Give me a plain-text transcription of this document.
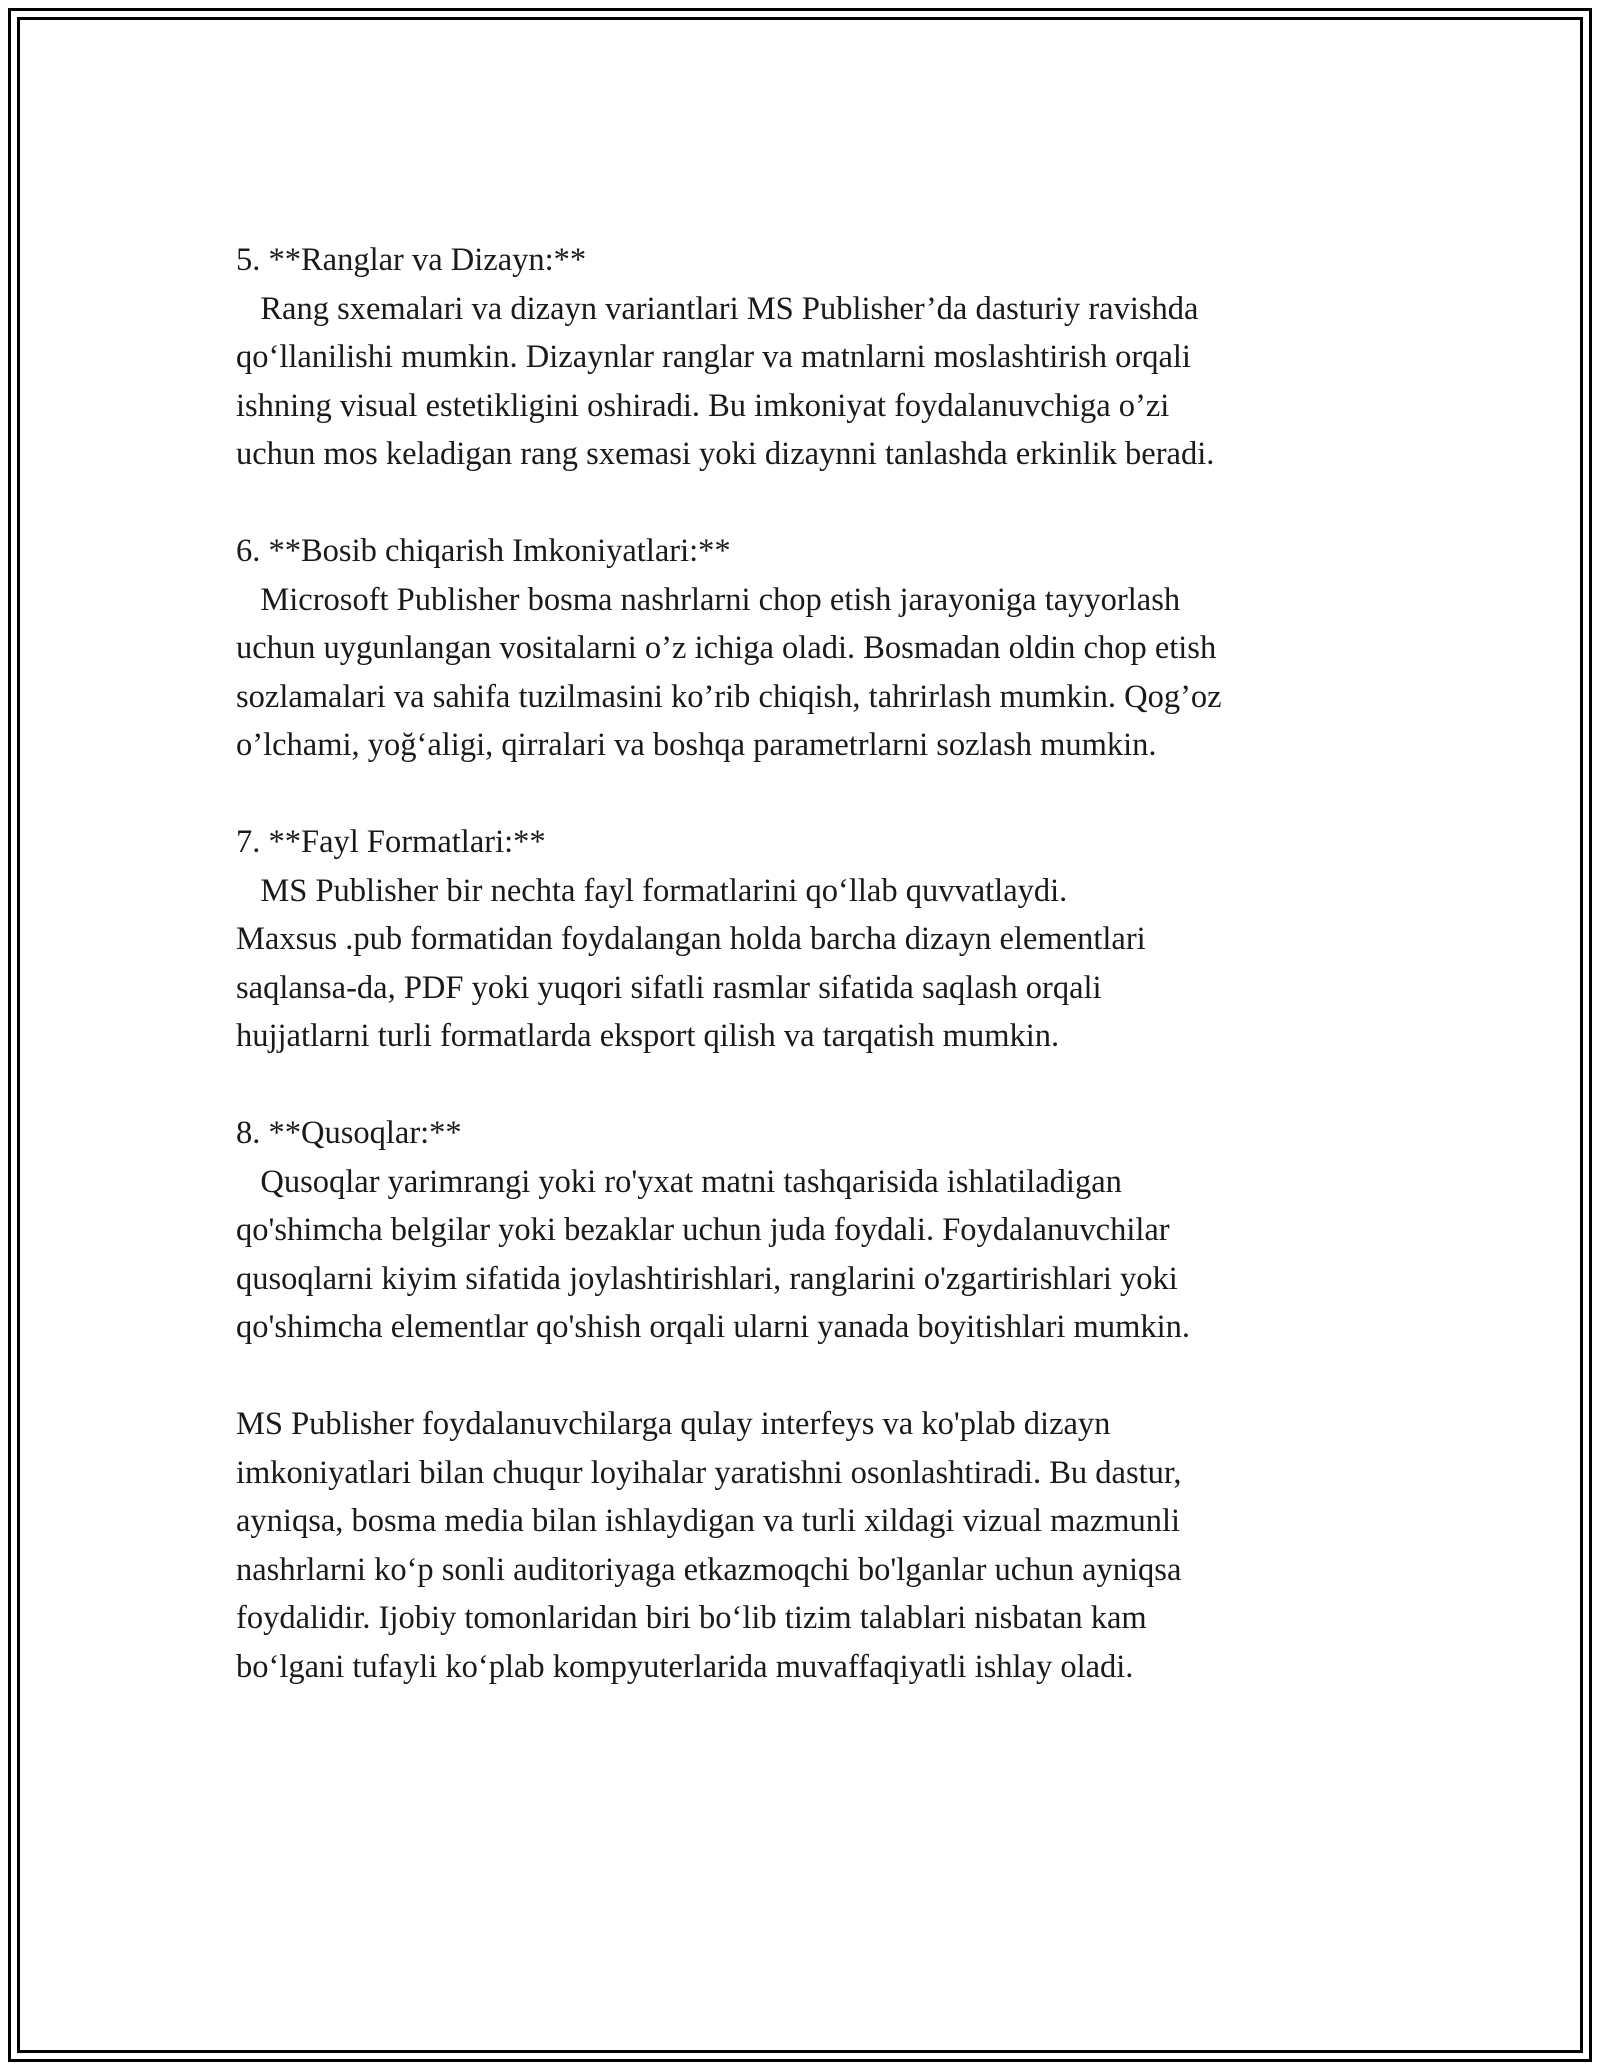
5. **Ranglar va Dizayn:**
Rang sxemalari va dizayn variantlari MS Publisher’da dasturiy ravishda
qo‘llanilishi mumkin. Dizaynlar ranglar va matnlarni moslashtirish orqali
ishning visual estetikligini oshiradi. Bu imkoniyat foydalanuvchiga o’zi
uchun mos keladigan rang sxemasi yoki dizaynni tanlashda erkinlik beradi.
6. **Bosib chiqarish Imkoniyatlari:**
Microsoft Publisher bosma nashrlarni chop etish jarayoniga tayyorlash
uchun uygunlangan vositalarni o’z ichiga oladi. Bosmadan oldin chop etish
sozlamalari va sahifa tuzilmasini ko’rib chiqish, tahrirlash mumkin. Qog’oz
o’lchami, yoğ‘aligi, qirralari va boshqa parametrlarni sozlash mumkin.
7. **Fayl Formatlari:**
MS Publisher bir nechta fayl formatlarini qo‘llab quvvatlaydi.
Maxsus .pub formatidan foydalangan holda barcha dizayn elementlari
saqlansa-da, PDF yoki yuqori sifatli rasmlar sifatida saqlash orqali
hujjatlarni turli formatlarda eksport qilish va tarqatish mumkin.
8. **Qusoqlar:**
Qusoqlar yarimrangi yoki ro'yxat matni tashqarisida ishlatiladigan
qo'shimcha belgilar yoki bezaklar uchun juda foydali. Foydalanuvchilar
qusoqlarni kiyim sifatida joylashtirishlari, ranglarini o'zgartirishlari yoki
qo'shimcha elementlar qo'shish orqali ularni yanada boyitishlari mumkin.
MS Publisher foydalanuvchilarga qulay interfeys va ko'plab dizayn
imkoniyatlari bilan chuqur loyihalar yaratishni osonlashtiradi. Bu dastur,
ayniqsa, bosma media bilan ishlaydigan va turli xildagi vizual mazmunli
nashrlarni ko‘p sonli auditoriyaga etkazmoqchi bo'lganlar uchun ayniqsa
foydalidir. Ijobiy tomonlaridan biri bo‘lib tizim talablari nisbatan kam
bo‘lgani tufayli ko‘plab kompyuterlarida muvaffaqiyatli ishlay oladi.
